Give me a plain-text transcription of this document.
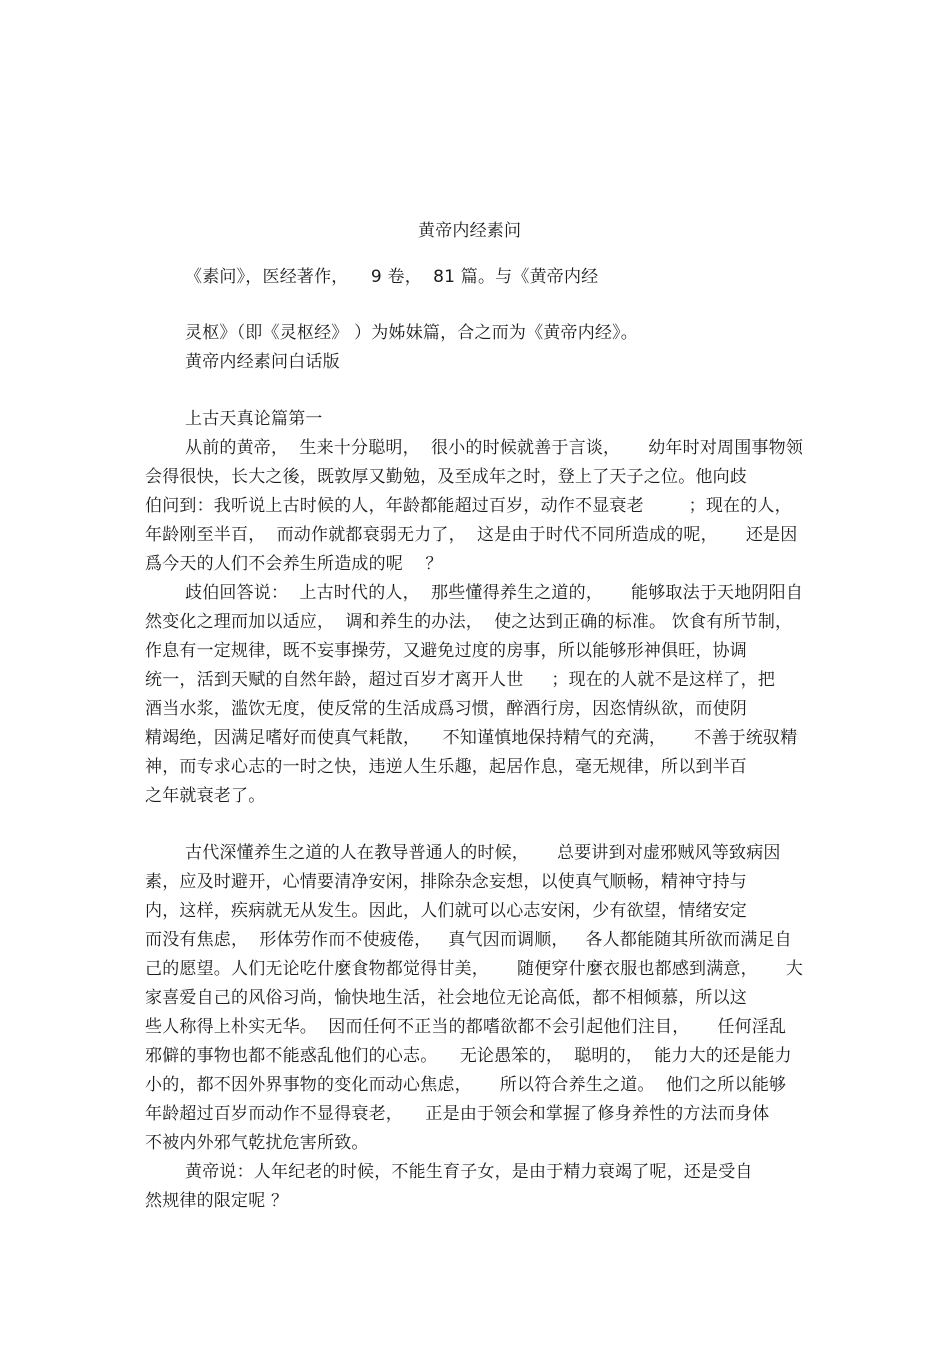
黄帝内经素问
《素问》，医经著作，    9 卷，  81 篇。与《黄帝内经
灵枢》（即《灵枢经》 ）为姊妹篇，合之而为《黄帝内经》。
黄帝内经素问白话版
上古天真论篇第一
从前的黄帝，  生来十分聪明，  很小的时候就善于言谈，     幼年时对周围事物领
会得很快，长大之後，既敦厚又勤勉，及至成年之时，登上了天子之位。他向歧
伯问到：我听说上古时候的人，年龄都能超过百岁，动作不显衰老        ；现在的人，
年龄刚至半百，  而动作就都衰弱无力了，  这是由于时代不同所造成的呢，     还是因
爲今天的人们不会养生所造成的呢    ？
歧伯回答说：  上古时代的人，  那些懂得养生之道的，     能够取法于天地阴阳自
然变化之理而加以适应，  调和养生的办法，  使之达到正确的标准。 饮食有所节制，
作息有一定规律，既不妄事操劳，又避免过度的房事，所以能够形神俱旺，协调
统一，活到天赋的自然年龄，超过百岁才离开人世     ；现在的人就不是这样了，把
酒当水浆，滥饮无度，使反常的生活成爲习惯，醉酒行房，因恣情纵欲，而使阴
精竭绝，因满足嗜好而使真气耗散，    不知谨慎地保持精气的充满，     不善于统驭精
神，而专求心志的一时之快，违逆人生乐趣，起居作息，毫无规律，所以到半百
之年就衰老了。
古代深懂养生之道的人在教导普通人的时候，     总要讲到对虚邪贼风等致病因
素，应及时避开，心情要清净安闲，排除杂念妄想，以使真气顺畅，精神守持与
内，这样，疾病就无从发生。因此，人们就可以心志安闲，少有欲望，情绪安定
而没有焦虑，  形体劳作而不使疲倦，   真气因而调顺，   各人都能随其所欲而满足自
己的愿望。人们无论吃什麼食物都觉得甘美，     随便穿什麼衣服也都感到满意，     大
家喜爱自己的风俗习尚，愉快地生活，社会地位无论高低，都不相倾慕，所以这
些人称得上朴实无华。  因而任何不正当的都嗜欲都不会引起他们注目，     任何淫乱
邪僻的事物也都不能惑乱他们的心志。    无论愚笨的，  聪明的，  能力大的还是能力
小的，都不因外界事物的变化而动心焦虑，     所以符合养生之道。  他们之所以能够
年龄超过百岁而动作不显得衰老，    正是由于领会和掌握了修身养性的方法而身体
不被内外邪气乾扰危害所致。
黄帝说：人年纪老的时候，不能生育子女，是由于精力衰竭了呢，还是受自
然规律的限定呢 ？
